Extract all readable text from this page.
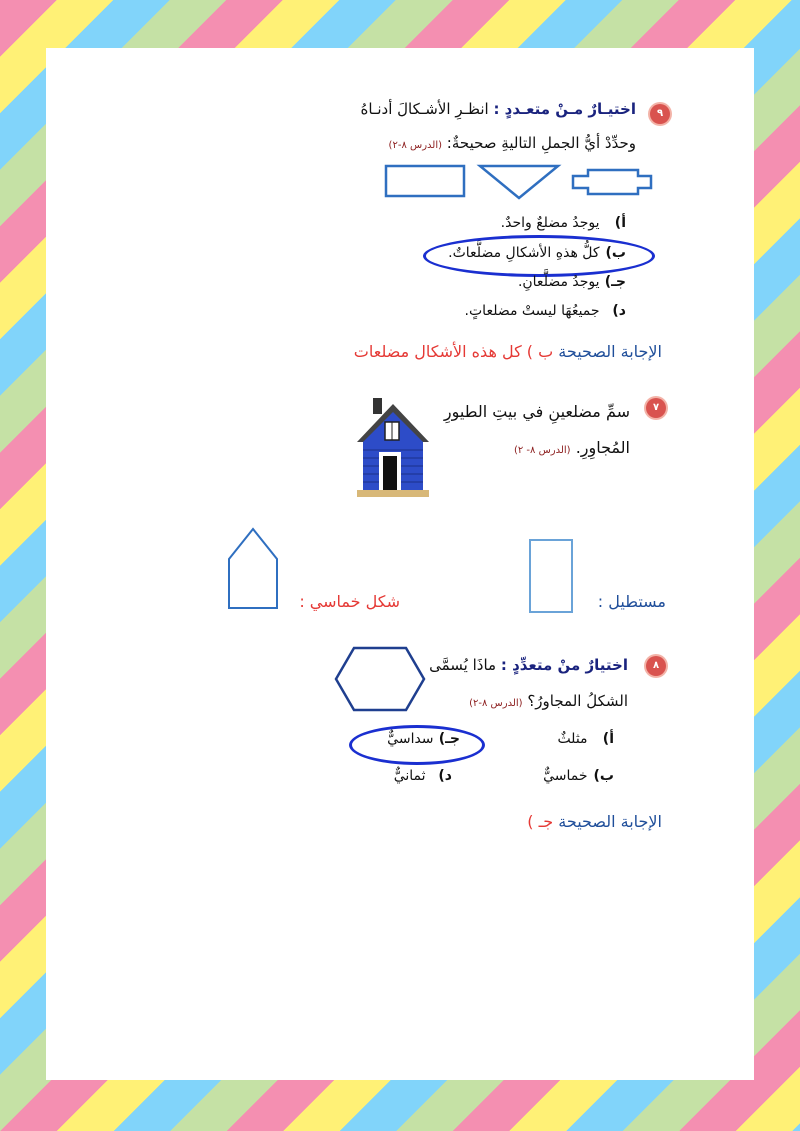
٩
اختيـارٌ مـنْ متعـددٍ : انظـرِ الأشـكالَ أدنـاهُ
وحدِّدْ أيُّ الجملِ التاليةِ صحيحةٌ: (الدرس ٨-٢)
أ) يوجدُ مضلعٌ واحدٌ.
ب) كلُّ هذهِ الأشكالِ مضلَّعاتٌ.
جـ) يوجدُ مضلَّعانِ.
د) جميعُهَا ليستْ مضلعاتٍ.
الإجابة الصحيحة ب ) كل هذه الأشكال مضلعات
٧
سمِّ مضلعينِ في بيتِ الطيورِ
المُجاوِرِ. (الدرس ٨- ٢)
مستطيل :
شكل خماسي :
٨
اختيارٌ منْ متعدِّدٍ : ماذَا يُسمَّى
الشكلُ المجاورُ؟ (الدرس ٨-٢)
أ) مثلثٌ
جـ) سداسيٌّ
ب) خماسيٌّ
د) ثمانيٌّ
الإجابة الصحيحة جـ )
